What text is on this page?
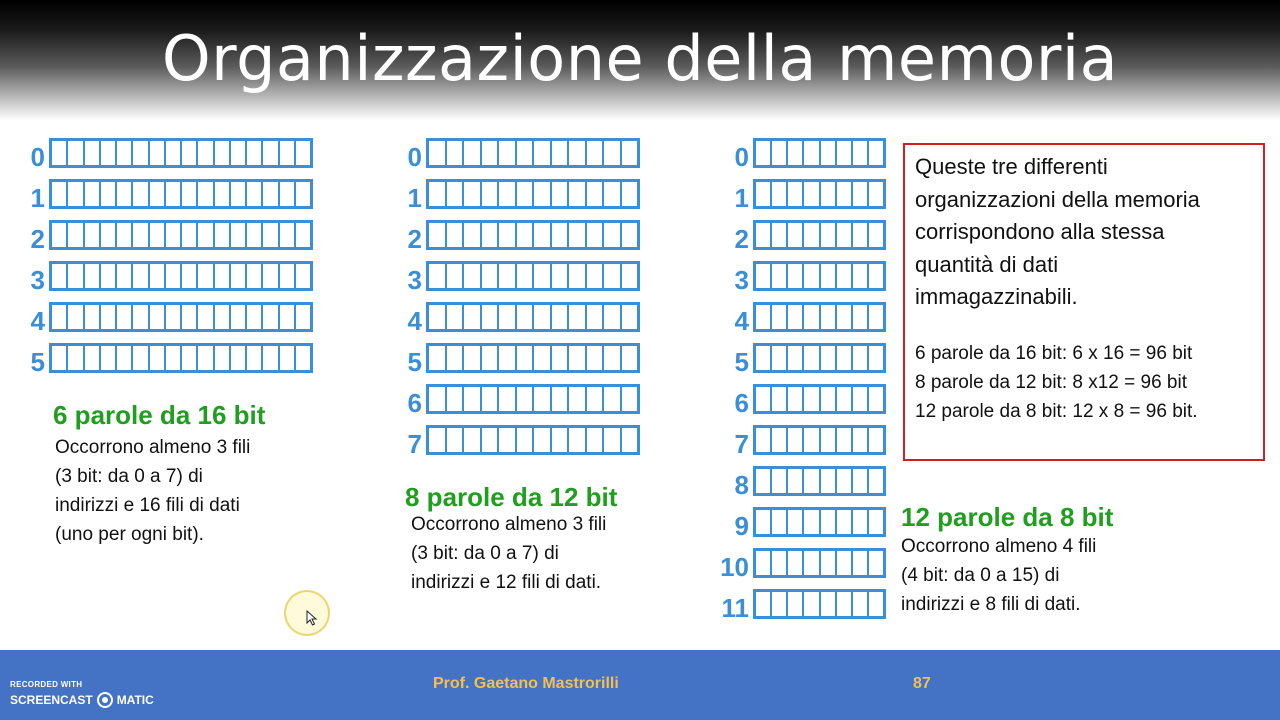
Organizzazione della memoria
0
1
2
3
4
5
6 parole da 16 bit
Occorrono almeno 3 fili
(3 bit: da 0 a 7) di
indirizzi e 16 fili di dati
(uno per ogni bit).
0
1
2
3
4
5
6
7
8 parole da 12 bit
Occorrono almeno 3 fili
(3 bit: da 0 a 7) di
indirizzi e 12 fili di dati.
0
1
2
3
4
5
6
7
8
9
10
11
12 parole da 8 bit
Occorrono almeno 4 fili
(4 bit: da 0 a 15) di
indirizzi e 8 fili di dati.
Queste tre differenti
organizzazioni della memoria
corrispondono alla stessa
quantità di dati
immagazzinabili.
6 parole da 16 bit: 6 x 16 = 96 bit
8 parole da 12 bit: 8 x12 = 96 bit
12 parole da 8 bit: 12 x 8 = 96 bit.
RECORDED WITH
SCREENCAST MATIC
Prof. Gaetano Mastrorilli	87
